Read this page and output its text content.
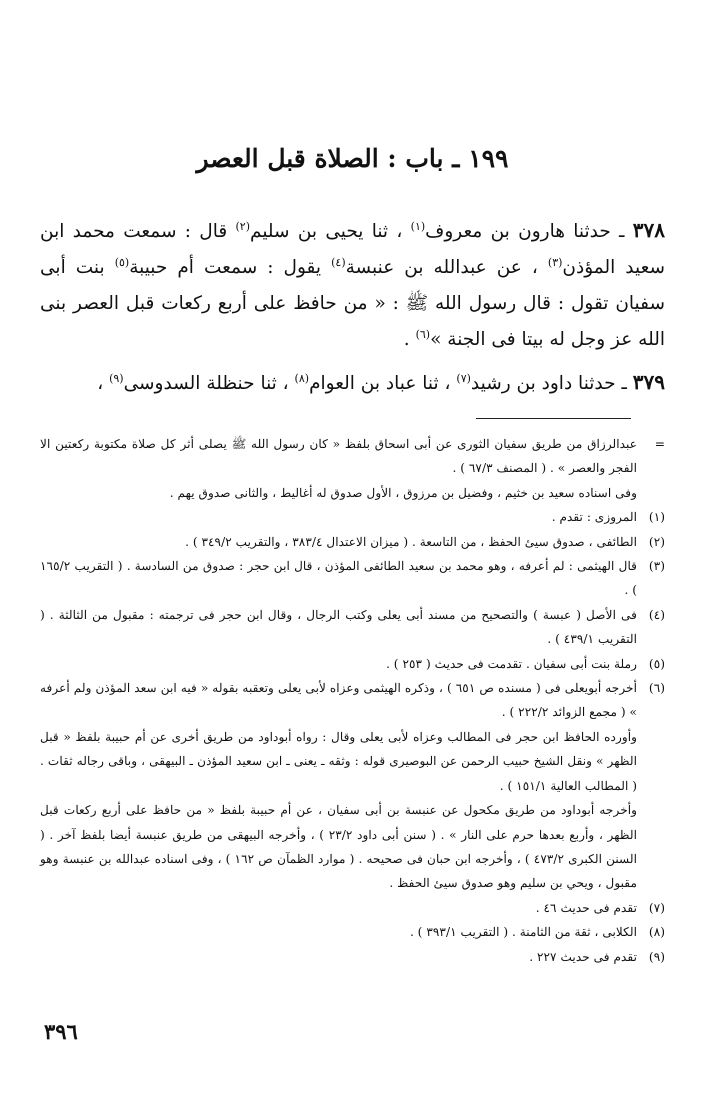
١٩٩ ـ باب : الصلاة قبل العصر

٣٧٨ ـ حدثنا هارون بن معروف$^{(١)}$ ، ثنا يحيى بن سليم$^{(٢)}$ قال : سمعت محمد ابن سعيد المؤذن$^{(٣)}$ ، عن عبدالله بن عنبسة$^{(٤)}$ يقول : سمعت أم حبيبة$^{(٥)}$ بنت أبى سفيان تقول : قال رسول الله ﷺ : « من حافظ على أربع ركعات قبل العصر بنى الله عز وجل له بيتا فى الجنة »$^{(٦)}$ .

٣٧٩ ـ حدثنا داود بن رشيد$^{(٧)}$ ، ثنا عباد بن العوام$^{(٨)}$ ، ثنا حنظلة السدوسى$^{(٩)}$ ،

=
عبدالرزاق من طريق سفيان الثورى عن أبى اسحاق بلفظ « كان رسول الله ﷺ يصلى أثر كل صلاة مكتوبة ركعتين الا الفجر والعصر » . ( المصنف ٦٧/٣ ) .
وفى اسناده سعيد بن خثيم ، وفضيل بن مرزوق ، الأول صدوق له أغاليط ، والثانى صدوق يهم .
(١)
المروزى : تقدم .
(٢)
الطائفى ، صدوق سيئ الحفظ ، من التاسعة . ( ميزان الاعتدال ٣٨٣/٤ ، والتقريب ٣٤٩/٢ ) .
(٣)
قال الهيثمى : لم أعرفه ، وهو محمد بن سعيد الطائفى المؤذن ، قال ابن حجر : صدوق من السادسة . ( التقريب ١٦٥/٢ ) .
(٤)
فى الأصل ( عبسة ) والتصحيح من مسند أبى يعلى وكتب الرجال ، وقال ابن حجر فى ترجمته : مقبول من الثالثة . ( التقريب ٤٣٩/١ ) .
(٥)
رملة بنت أبى سفيان . تقدمت فى حديث ( ٢٥٣ ) .
(٦)
أخرجه أبويعلى فى ( مسنده ص ٦٥١ ) ، وذكره الهيثمى وعزاه لأبى يعلى وتعقبه بقوله « فيه ابن سعد المؤذن ولم أعرفه » ( مجمع الزوائد ٢٢٢/٢ ) .
وأورده الحافظ ابن حجر فى المطالب وعزاه لأبى يعلى وقال : رواه أبوداود من طريق أخرى عن أم حبيبة بلفظ « قبل الظهر » ونقل الشيخ حبيب الرحمن عن البوصيرى قوله : وثقه ـ يعنى ـ ابن سعيد المؤذن ـ البيهقى ، وباقى رجاله ثقات . ( المطالب العالية ١٥١/١ ) .
وأخرجه أبوداود من طريق مكحول عن عنبسة بن أبى سفيان ، عن أم حبيبة بلفظ « من حافظ على أربع ركعات قبل الظهر ، وأربع بعدها حرم على النار » . ( سنن أبى داود ٢٣/٢ ) ، وأخرجه البيهقى من طريق عنبسة أيضا بلفظ آخر . ( السنن الكبرى ٤٧٣/٢ ) ، وأخرجه ابن حبان فى صحيحه . ( موارد الظمآن ص ١٦٢ ) ، وفى اسناده عبدالله بن عنبسة وهو مقبول ، ويحي بن سليم وهو صدوق سيئ الحفظ .
(٧)
تقدم فى حديث ٤٦ .
(٨)
الكلابى ، ثقة من الثامنة . ( التقريب ٣٩٣/١ ) .
(٩)
تقدم فى حديث ٢٢٧ .
٣٩٦
